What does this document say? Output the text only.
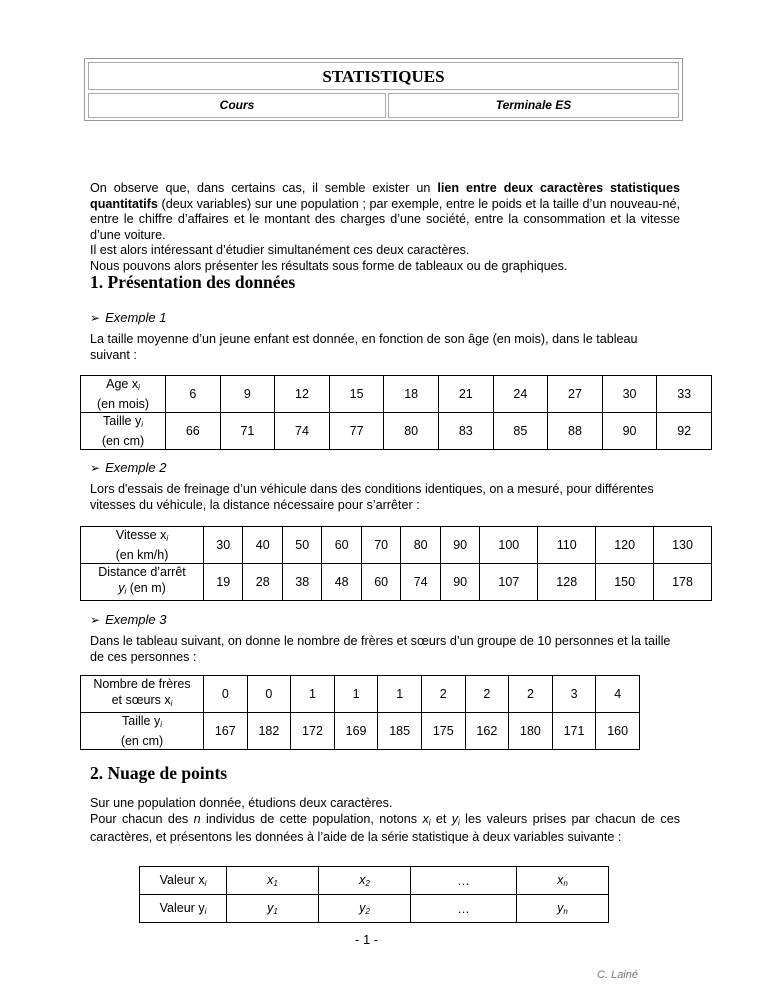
STATISTIQUES
Cours	Terminale ES

On observe que, dans certains cas, il semble exister un lien entre deux caractères statistiques quantitatifs (deux variables) sur une population ; par exemple, entre le poids et la taille d’un nouveau-né, entre le chiffre d’affaires et le montant des charges d’une société, entre la consommation et la vitesse d’une voiture.

Il est alors intéressant d’étudier simultanément ces deux caractères.

Nous pouvons alors présenter les résultats sous forme de tableaux ou de graphiques.

1. Présentation des données
➢ Exemple 1
La taille moyenne d’un jeune enfant est donnée, en fonction de son âge (en mois), dans le tableau suivant :
Age $x_i$
(en mois)	6	9	12	15	18	21	24	27	30	33
Taille $y_i$
(en cm)	66	71	74	77	80	83	85	88	90	92
➢ Exemple 2
Lors d'essais de freinage d’un véhicule dans des conditions identiques, on a mesuré, pour différentes vitesses du véhicule, la distance nécessaire pour s’arrêter :
Vitesse $x_i$
(en km/h)	30	40	50	60	70	80	90	100	110	120	130
Distance d’arrêt
$y_i$ (en m)	19	28	38	48	60	74	90	107	128	150	178
➢ Exemple 3
Dans le tableau suivant, on donne le nombre de frères et sœurs d’un groupe de 10 personnes et la taille de ces personnes :
Nombre de frères
et sœurs $x_i$	0	0	1	1	1	2	2	2	3	4
Taille $y_i$
(en cm)	167	182	172	169	185	175	162	180	171	160
2. Nuage de points

Sur une population donnée, étudions deux caractères.

Pour chacun des n individus de cette population, notons $x_i$ et $y_i$ les valeurs prises par chacun de ces caractères, et présentons les données à l’aide de la série statistique à deux variables suivante :

Valeur $x_i$	$x_1$	$x_2$	…	$x_n$
Valeur $y_i$	$y_1$	$y_2$	…	$y_n$
- 1 -
C. Lainé
